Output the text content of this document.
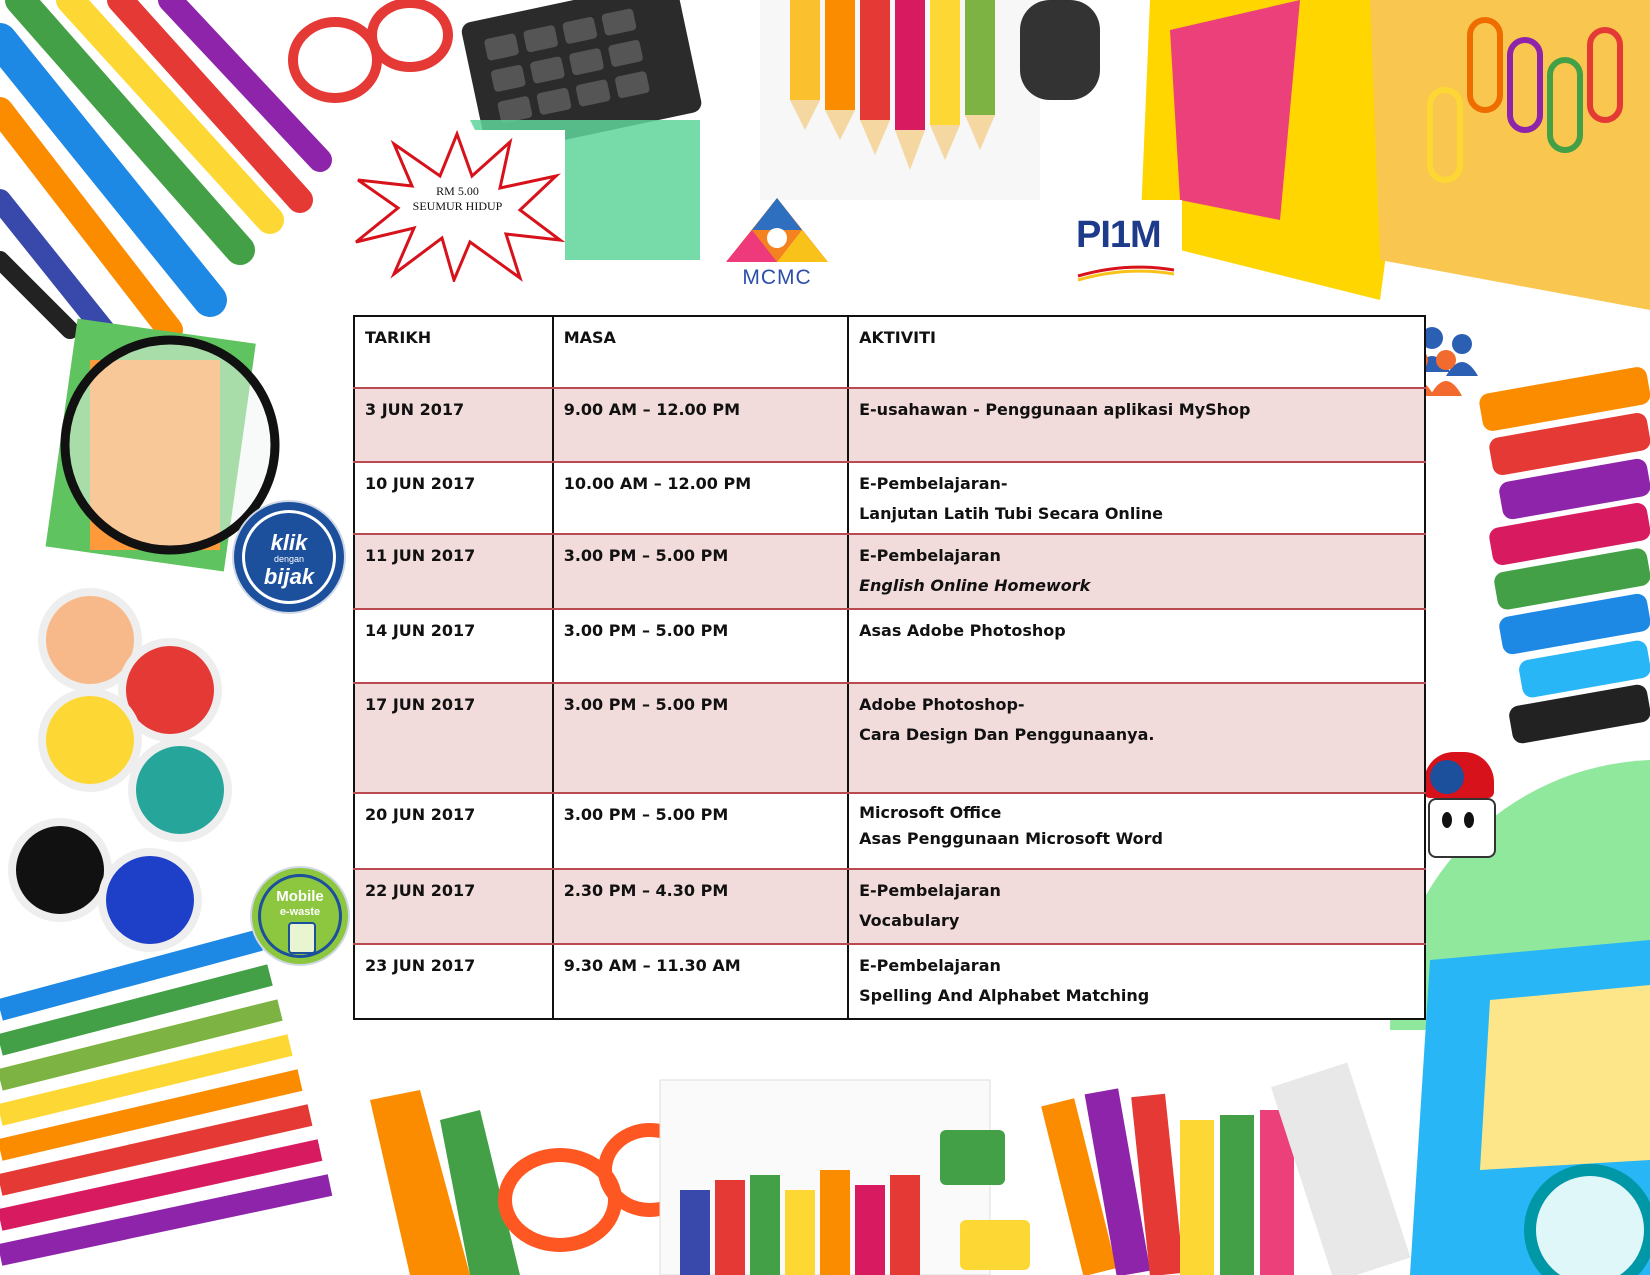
RM 5.00
SEUMUR HIDUP
MCMC
PI1M
klik
dengan
bijak
Mobile
e-waste
TARIKH	MASA	AKTIVITI
3 JUN 2017	9.00 AM – 12.00 PM	E-usahawan - Penggunaan aplikasi MyShop

10 JUN 2017	10.00 AM – 12.00 PM	E-Pembelajaran-
Lanjutan Latih Tubi Secara Online

11 JUN 2017	3.00 PM – 5.00 PM	E-Pembelajaran
English Online Homework

14 JUN 2017	3.00 PM – 5.00 PM	Asas Adobe Photoshop

17 JUN 2017	3.00 PM – 5.00 PM	Adobe Photoshop-
Cara Design Dan Penggunaanya.

20 JUN 2017	3.00 PM – 5.00 PM	Microsoft Office
Asas Penggunaan Microsoft Word

22 JUN 2017	2.30 PM – 4.30 PM	E-Pembelajaran
Vocabulary

23 JUN 2017	9.30 AM – 11.30 AM	E-Pembelajaran
Spelling And Alphabet Matching
